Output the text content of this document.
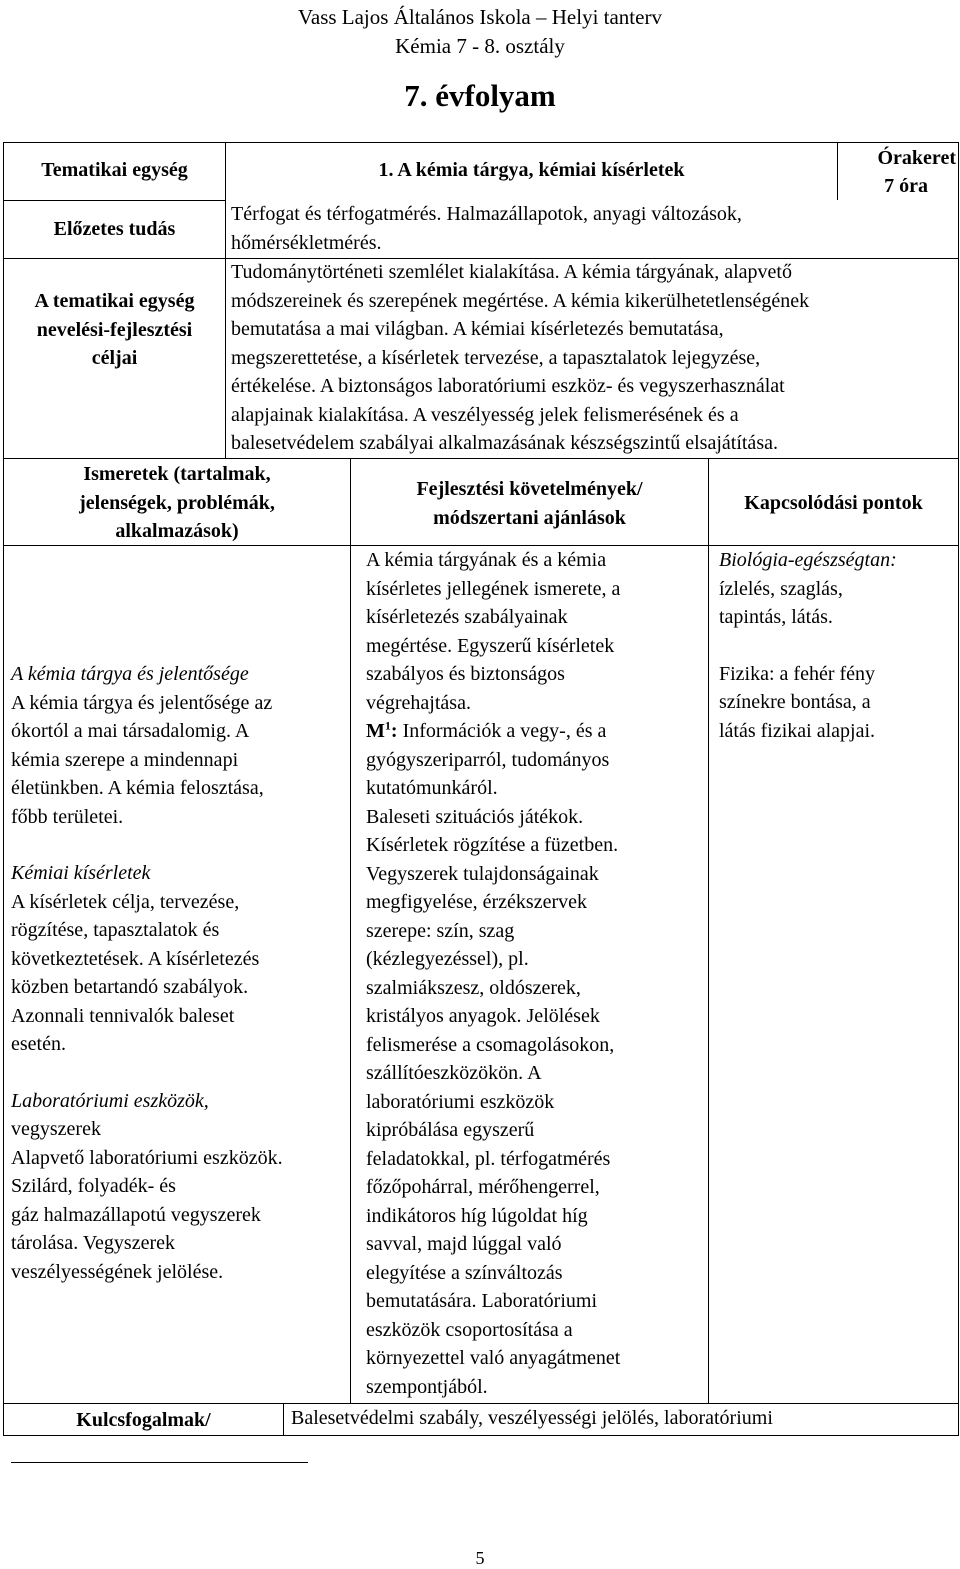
Vass Lajos Általános Iskola – Helyi tanterv
Kémia 7 - 8. osztály
7. évfolyam
Tematikai egység	1. A kémia tárgya, kémiai kísérletek
Órakeret
7 óra
Előzetes tudás
Térfogat és térfogatmérés. Halmazállapotok, anyagi változások,
hőmérsékletmérés.
A tematikai egység
nevelési-fejlesztési
céljai
Tudománytörténeti szemlélet kialakítása. A kémia tárgyának, alapvető
módszereinek és szerepének megértése. A kémia kikerülhetetlenségének
bemutatása a mai világban. A kémiai kísérletezés bemutatása,
megszerettetése, a kísérletek tervezése, a tapasztalatok lejegyzése,
értékelése. A biztonságos laboratóriumi eszköz- és vegyszerhasználat
alapjainak kialakítása. A veszélyesség jelek felismerésének és a
balesetvédelem szabályai alkalmazásának készségszintű elsajátítása.
Ismeretek (tartalmak,
jelenségek, problémák,
alkalmazások)
Fejlesztési követelmények/
módszertani ajánlások
Kapcsolódási pontok
A kémia tárgya és jelentősége
A kémia tárgya és jelentősége az
ókortól a mai társadalomig. A
kémia szerepe a mindennapi
életünkben. A kémia felosztása,
főbb területei.
Kémiai kísérletek
A kísérletek célja, tervezése,
rögzítése, tapasztalatok és
következtetések. A kísérletezés
közben betartandó szabályok.
Azonnali tennivalók baleset
esetén.
Laboratóriumi eszközök,
vegyszerek
Alapvető laboratóriumi eszközök.
Szilárd, folyadék- és
gáz halmazállapotú vegyszerek
tárolása. Vegyszerek
veszélyességének jelölése.
A kémia tárgyának és a kémia
kísérletes jellegének ismerete, a
kísérletezés szabályainak
megértése. Egyszerű kísérletek
szabályos és biztonságos
végrehajtása.
$M^1$: Információk a vegy-, és a
gyógyszeriparról, tudományos
kutatómunkáról.
Baleseti szituációs játékok.
Kísérletek rögzítése a füzetben.
Vegyszerek tulajdonságainak
megfigyelése, érzékszervek
szerepe: szín, szag
(kézlegyezéssel), pl.
szalmiákszesz, oldószerek,
kristályos anyagok. Jelölések
felismerése a csomagolásokon,
szállítóeszközökön. A
laboratóriumi eszközök
kipróbálása egyszerű
feladatokkal, pl. térfogatmérés
főzőpohárral, mérőhengerrel,
indikátoros híg lúgoldat híg
savval, majd lúggal való
elegyítése a színváltozás
bemutatására. Laboratóriumi
eszközök csoportosítása a
környezettel való anyagátmenet
szempontjából.
Biológia-egészségtan:
ízlelés, szaglás,
tapintás, látás.
Fizika: a fehér fény
színekre bontása, a
látás fizikai alapjai.
Kulcsfogalmak/	Balesetvédelmi szabály, veszélyességi jelölés, laboratóriumi
5
